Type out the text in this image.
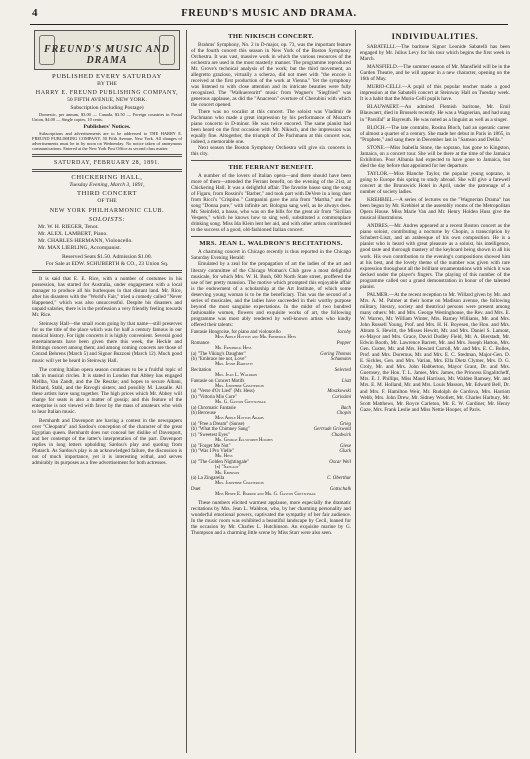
4	FREUND'S MUSIC AND DRAMA.
FREUND'S MUSIC AND DRAMA

PUBLISHED EVERY SATURDAY

BY THE

HARRY E. FREUND PUBLISHING COMPANY,

50 FIFTH AVENUE, NEW YORK.

Subscription (including Postage)

Domestic, per annum, $3.00 — Canada, $3.50 — Foreign countries in Postal Union, $4.00 — Single copies, 10 cents.

Publishers' Notices.

Subscriptions and advertisements are to be addressed to THE HARRY E. FREUND PUBLISHING COMPANY, 50 Fifth Avenue, New York. All changes of advertisements must be in by noon on Wednesday. No notice taken of anonymous communications. Entered at the New York Post Office as second class matter.

SATURDAY, FEBRUARY 28, 1891.

CHICKERING HALL,

Tuesday Evening, March 3, 1891,

THIRD CONCERT

OF THE

NEW YORK PHILHARMONIC CLUB.

SOLOISTS:

Mr. W. H. RIEGER, Tenor.

Mr. ALEX. LAMBERT, Piano.

Mr. CHARLES HERMANN, Violoncello.

Mr. MAX LIEBLING, Accompanist.

Reserved Seats $1.50. Admission $1.00.

For Sale at EDW. SCHUBERTH & CO., 23 Union Sq.

It is said that E. E. Rice, with a number of costumes in his possession, has started for Australia, under engagement with a local manager to produce all his burlesques in that distant land. Mr. Rice, after his disasters with the "World's Fair," tried a comedy called "Never Happened," which was also unsuccessful. Despite his disasters and unpaid salaries, there is in the profession a very friendly feeling towards Mr. Rice.

Steinway Hall—the small room going by that name—still preserves for us the title of the place which was for half a century famous in our musical history. For light concerts it is highly convenient. Several good entertainments have been given there this week, the Heckle and Brittings concert among them; and among coming concerts are those of Conrad Behrens (March 5) and Signor Buzzoni (March 12). Much good music will yet be heard in Steinway Hall.

The coming Italian opera season continues to be a fruitful topic of talk in musical circles. It is stated in London that Abbey has engaged Mellba, Van Zandt, and the De Reszke; and hopes to secure Albani, Richard, Stahl, and the Ravogli sisters; and possibly M. Lassalle. All these artists have sung together. The high prices which Mr. Abbey will charge for seats is also a matter of gossip; and this feature of the enterprise is not viewed with favor by the mass of amateurs who wish to hear Italian music.

Bernhardt and Davenport are having a contest in the newspapers over "Cleopatra" and Sardou's conception of the character of the great Egyptian queen. Bernhardt does not conceal her dislike of Davenport, and her contempt of the latter's interpretation of the part. Davenport replies in long letters upholding Sardou's play and quoting from Plutarch. As Sardou's play is an acknowledged failure, the discussion is not of much importance, yet it is interesting withal, and serves admirably its purposes as a free advertisement for both actresses.

THE NIKISCH CONCERT.

Brahms' Symphony, No. 2 in D-major, op. 73, was the important feature of the fourth concert this season in New York of the Boston Symphony Orchestra. It was vast, massive work in which the various resources of the orchestra are used in the most masterly manner. The programme reproduced Mr. Grove's technical analysis of the work; but the third movement, an allegretto grazioso, virtually a scherzo, did not meet with "the encore it received at the first production of the work at Vienna." Yet the symphony was listened to with close attention and its intricate beauties were fully recognized. The "Walkuerenritt" music from Wagner's "Siegfried" was generous applause, as did the "Anacreon" overture of Cherubini with which the concert opened.

There was no vocalist at this concert. The soloist was Vladimir de Pachmann who made a great impression by his performance of Mozart's piano concerto in D-minor. He was twice encored. The same pianist had been heard on the first occasion with Mr. Nikisch, and the impression was equally fine. Altogether, the triumph of De Pachmann at this concert was, indeed, a memorable one.

Next season the Boston Symphony Orchestra will give six concerts in this city.

THE FERRANT BENEFIT.

A number of the lovers of Italian opera—and there should have been more of them—attended the Ferrant benefit, on the evening of the 21st, at Chickering Hall. It was a delightful affair. The favorite basso sang the song of Figaro, from Rossini's "Barber," and took part with DeVere in a long duet from Ricci's "Crispino." Campanini gave the aria from "Martha," and the song "Donna pure," with infinite art. Bologna sang well, as he always does. Mr. Steinfeld, a basso, who was on the bills for the great air from "Sicilian Vespers," which he knows how to sing well, substituted a commonplace drinking song. Miss Ida Klein lent her aid, and with other artists contributed to the success of a good, old-fashioned Italian concert.

MRS. JEAN L. WALDRON'S RECITATIONS.

A charming concert in Chicago recently is thus reported in the Chicago Saturday Evening Herald:

Emulated by a zeal for the propagation of art the ladies of the art and literary committee of the Chicago Woman's Club gave a most delightful musicale, for which Mrs. W. H. Bush, 600 North State street, proffered the use of her pretty mansion. The motive which prompted this enjoyable affair is the endowment of a scholarship at the Art Institute, of which some deserving young woman is to be the beneficiary. This was the second of a series of musicales, and the ladies have succeeded in their worthy purpose beyond the most sanguine expectations. In the midst of two hundred fashionable women, flowers and exquisite works of art, the following programme was most ably rendered by well-known artists who kindly offered their talents:

Fantasie Hongroise, for piano and violoncello	Jacoby
Miss Adele Hutton and Mr. Frederick Hess
Romance	Popper
Mr. Frederick Hess
(a) "The Viking's Daughter"	Goring Thomas
(b) "Embrace me not, Love"	Schumann
Mrs. Jessie Bartlett
Recitation	Selected
Mrs. Jean L. Waldron
Fantasie on Concert Motifs	Liszt
Mrs. Josephine Chatterton
(a) "Verse d'Or Lied" (Mr. Hess)	Moszkowski
(b) "Vittoria Mio Core"	Carissimi
Mr. G. Gaston Gottschalk
(a) Chromatic Fantasie	Bach
(b) Berceuse	Chopin
Miss Adele Hutton Adams
(a) "Free a Dream" (Sunse)	Grieg
(b) "What the Chimney Sang"	Gertrude Griswold
(c) "Sweetest Eyes"	Chadwick
Mr. George Ellsworth Holmes
(a) "Forget Me Not"	Giese
(b) "Was I Pro Vielle"	Gluck
Mr. Hess
(a) "The Golden Nightingale"	Oscar Weil
(b) "Sanglot"
Mr. Emerson
(a) La Zingarella	C. Oberthur
Mrs. Josephine Chatterton
Duet	Gottschalk
Miss Renee E. Barker and Mr. G. Gaston Gottschalk

These numbers elicited warmest applause, more especially the dramatic recitations by Mrs. Jean L. Waldron, who, by her charming personality and wonderful emotional powers, captivated the sympathy of her fair audience. In the music room was exhibited a beautiful landscape by Cecil, loaned for the occasion by Mr. Charles L. Hutchinson. An exquisite marine by G. Thompson and a charming little scene by Miss Starr were also seen.

INDIVIDUALITIES.

SABATELLI.—The baritone Signor Leonide Sabatelli has been engaged by Mr. Julius Levy for his tour which begins the first week in March.

MANSFIELD.—The summer season of Mr. Mansfield will be in the Garden Theatre, and he will appear in a new character, opening on the 16th of May.

MURIO-CELLI.—A pupil of this popular teacher made a good impression at the Sabatelli concert at Steinway Hall on Tuesday week. It is a habit that the Murio-Celli pupils have.

BLAUWAERT.—An admired Flemish baritone, Mr. Emil Blauwaert, died in Brussels recently. He was a Wagnerian, and had sung in "Parsifal" at Bayreuth. He was noted as a linguist as well as a singer.

BLOCH.—The late contralto, Rosina Bloch, had an operatic career of almost a quarter of a century. She made her debut in Paris in 1865, in "Prophete," and sang there in December last in "Samson and Delila."

STONE.—Miss Isabella Stone, the soprano, has gone to Kingston, Jamaica, on a concert tour. She will be there at the time of the Jamaica Exhibition. Poor Albania had expected to have gone to Jamaica, but died the day before that appointed for her departure.

TAYLOR.—Miss Blanche Taylor, the popular young soprano, is going to Europe this spring to study abroad. She will give a farewell concert at the Brunswick Hotel in April, under the patronage of a number of society ladies.

KREHBIEL.—A series of lectures on the "Wagnerian Drama" has been begun by Mr. Krehbiel at the assembly rooms of the Metropolitan Opera House. Miss Marie Van and Mr. Henry Holden Huss give the musical illustrations.

ANDRES.—Mr. Andres appeared at a recent Boston concert as the piano soloist, contributing a nocturne by Chopin, a transcription by Schubert-Liszt, and an arabesque of his own composition. He is a pianist who is heard with great pleasure as a soloist, his intelligence, good taste and thorough mastery of the keyboard being shown in all his work. His own contribution to the evening's compositions showed him at his best, and the lovely theme of the number was given with rare expression throughout all the brilliant ornamentations with which it was decked under the player's fingers. The playing of this number of the programme called out a grand demonstration in honor of the talented pianist.

PALMER.—At the recent reception to Mr. Willard given by Mr. and Mrs. A. M. Palmer at their home on Madison avenue, the following military, literary, society and theatrical persons were present among many others: Mr. and Mrs. George Westinghouse, the Rev. and Mrs. E. W. Warren, Mr. William Winter, Mrs. Barney Williams, Mr. and Mrs. John Russell Young, Prof. and Mrs. H. H. Boyesen, the Hon. and Mrs. Abram S. Hewitt, the Misses Hewitt, Mr. and Mrs. Daniel S. Lamont, ex-Mayor and Mrs. Grace, David Dudley Field, Mr. A. Bierstadt, Mr. Edwin Booth, Mr. Lawrence Barrett, Mr. and Mrs. Joseph Hatton, Mrs. Gen. Custer, Mr. and Mrs. Howard Carroll, Mr. and Mrs. E. C. Bolles, Prof. and Mrs. Doremus, Mr. and Mrs. E. C. Stedman, Major-Gen. D. E. Sickles, Gen. and Mrs. Varian, Mrs. Ella Dietz Clymer, Mrs. D. G. Croly, Mr. and Mrs. John Habberton, Mayor Grant, Dr. and Mrs. Guernsey, the Hon. T. L. James, Mrs. James, the Princess Engalitcheff, Mrs. E. J. Phillips, Miss Maud Harrison, Mr. Walden Ramsey, Mr. and Mrs. E. M. Holland, Mr. and Mrs. Louis Masson, Mr. Edward Bell, Dr. and Mrs. F. Hamilton Weir, Mr. Rudolph de Cordova, Mrs. Harriott Webb, Mrs. John Drew, Mr. Sidney Woollett, Mr. Charles Harbury, Mr. Scott Matthews, Mr. Royce Carleton, Mr. E. W. Gardiner, Mr. Henry Gaze, Mrs. Frank Leslie and Miss Nettie Hooper, of Paris.
